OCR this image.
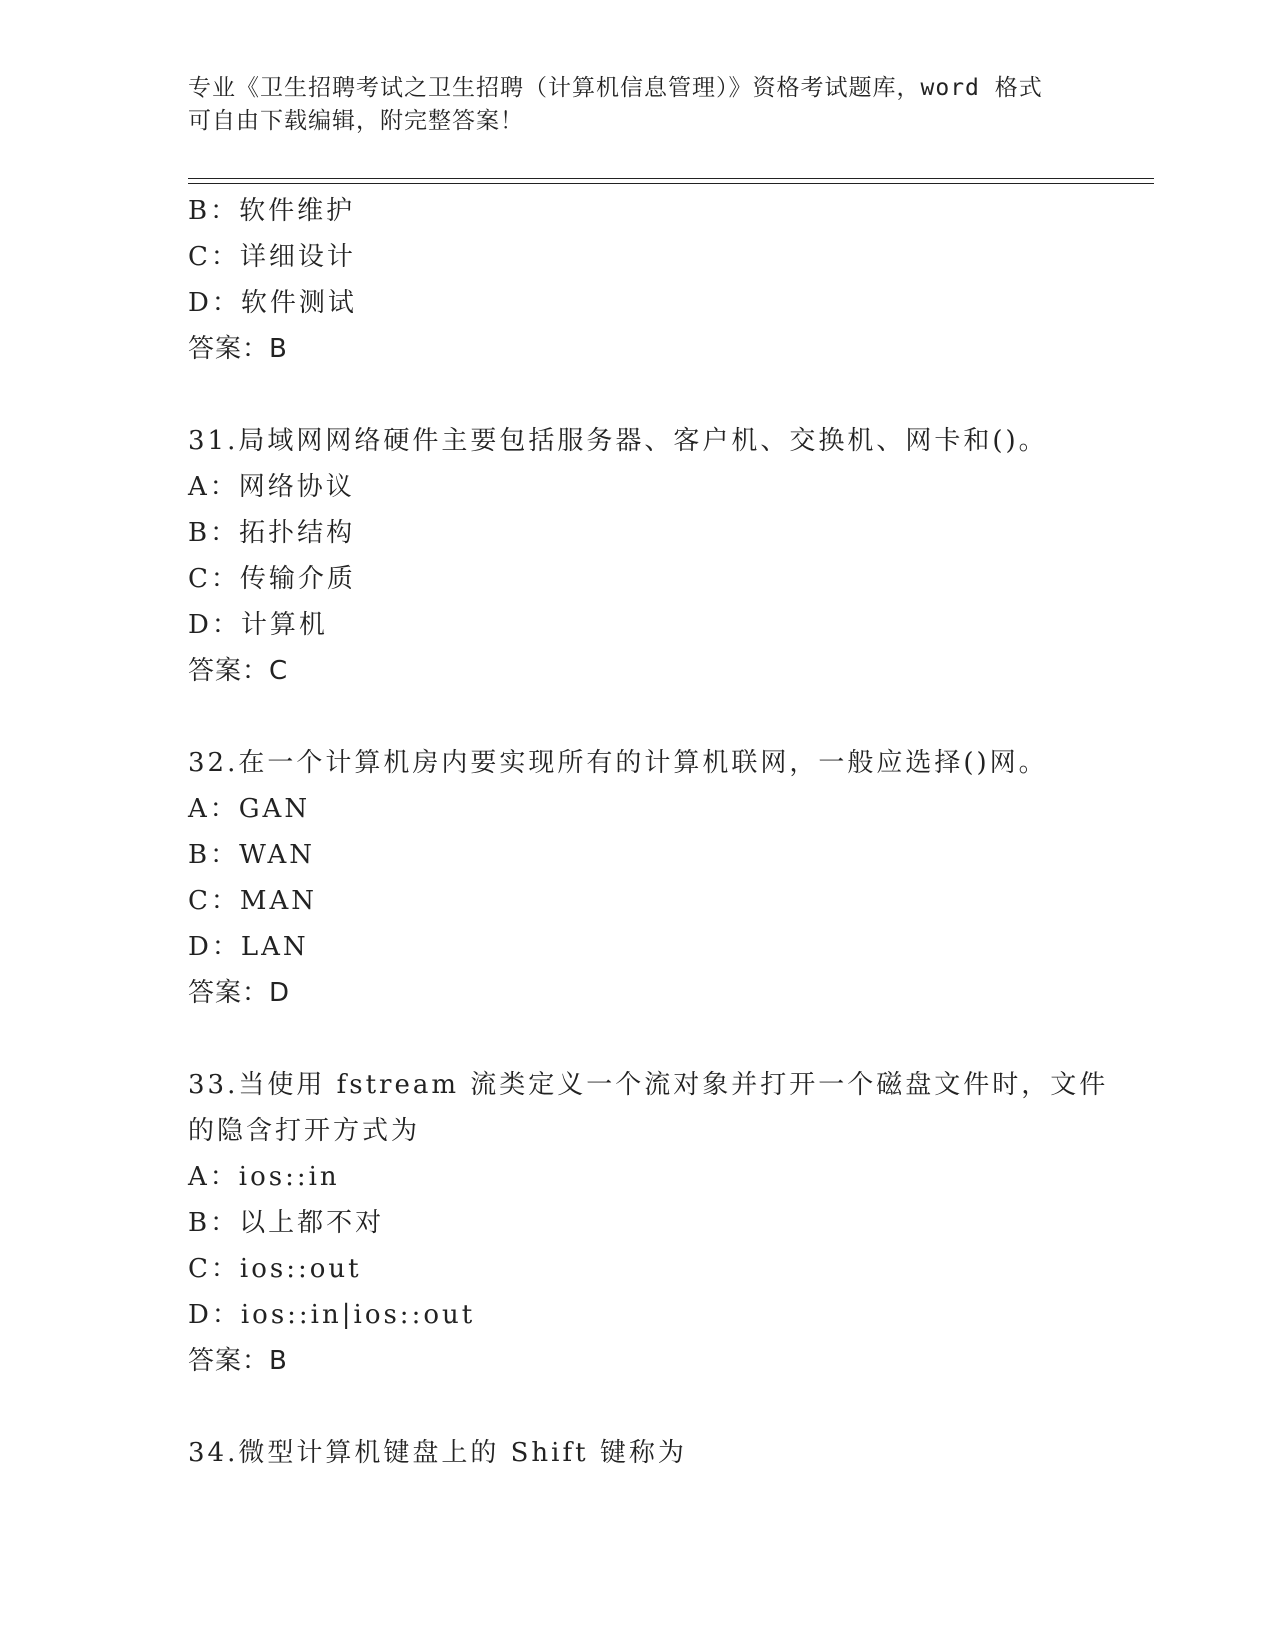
专业《卫生招聘考试之卫生招聘（计算机信息管理）》资格考试题库，word 格式

可自由下载编辑，附完整答案！

B：软件维护
C：详细设计
D：软件测试
答案：B
31.局域网网络硬件主要包括服务器、客户机、交换机、网卡和()。
A：网络协议
B：拓扑结构
C：传输介质
D：计算机
答案：C
32.在一个计算机房内要实现所有的计算机联网，一般应选择()网。
A：GAN
B：WAN
C：MAN
D：LAN
答案：D
33.当使用 fstream 流类定义一个流对象并打开一个磁盘文件时，文件
的隐含打开方式为
A：ios::in
B：以上都不对
C：ios::out
D：ios::in|ios::out
答案：B
34.微型计算机键盘上的 Shift 键称为
